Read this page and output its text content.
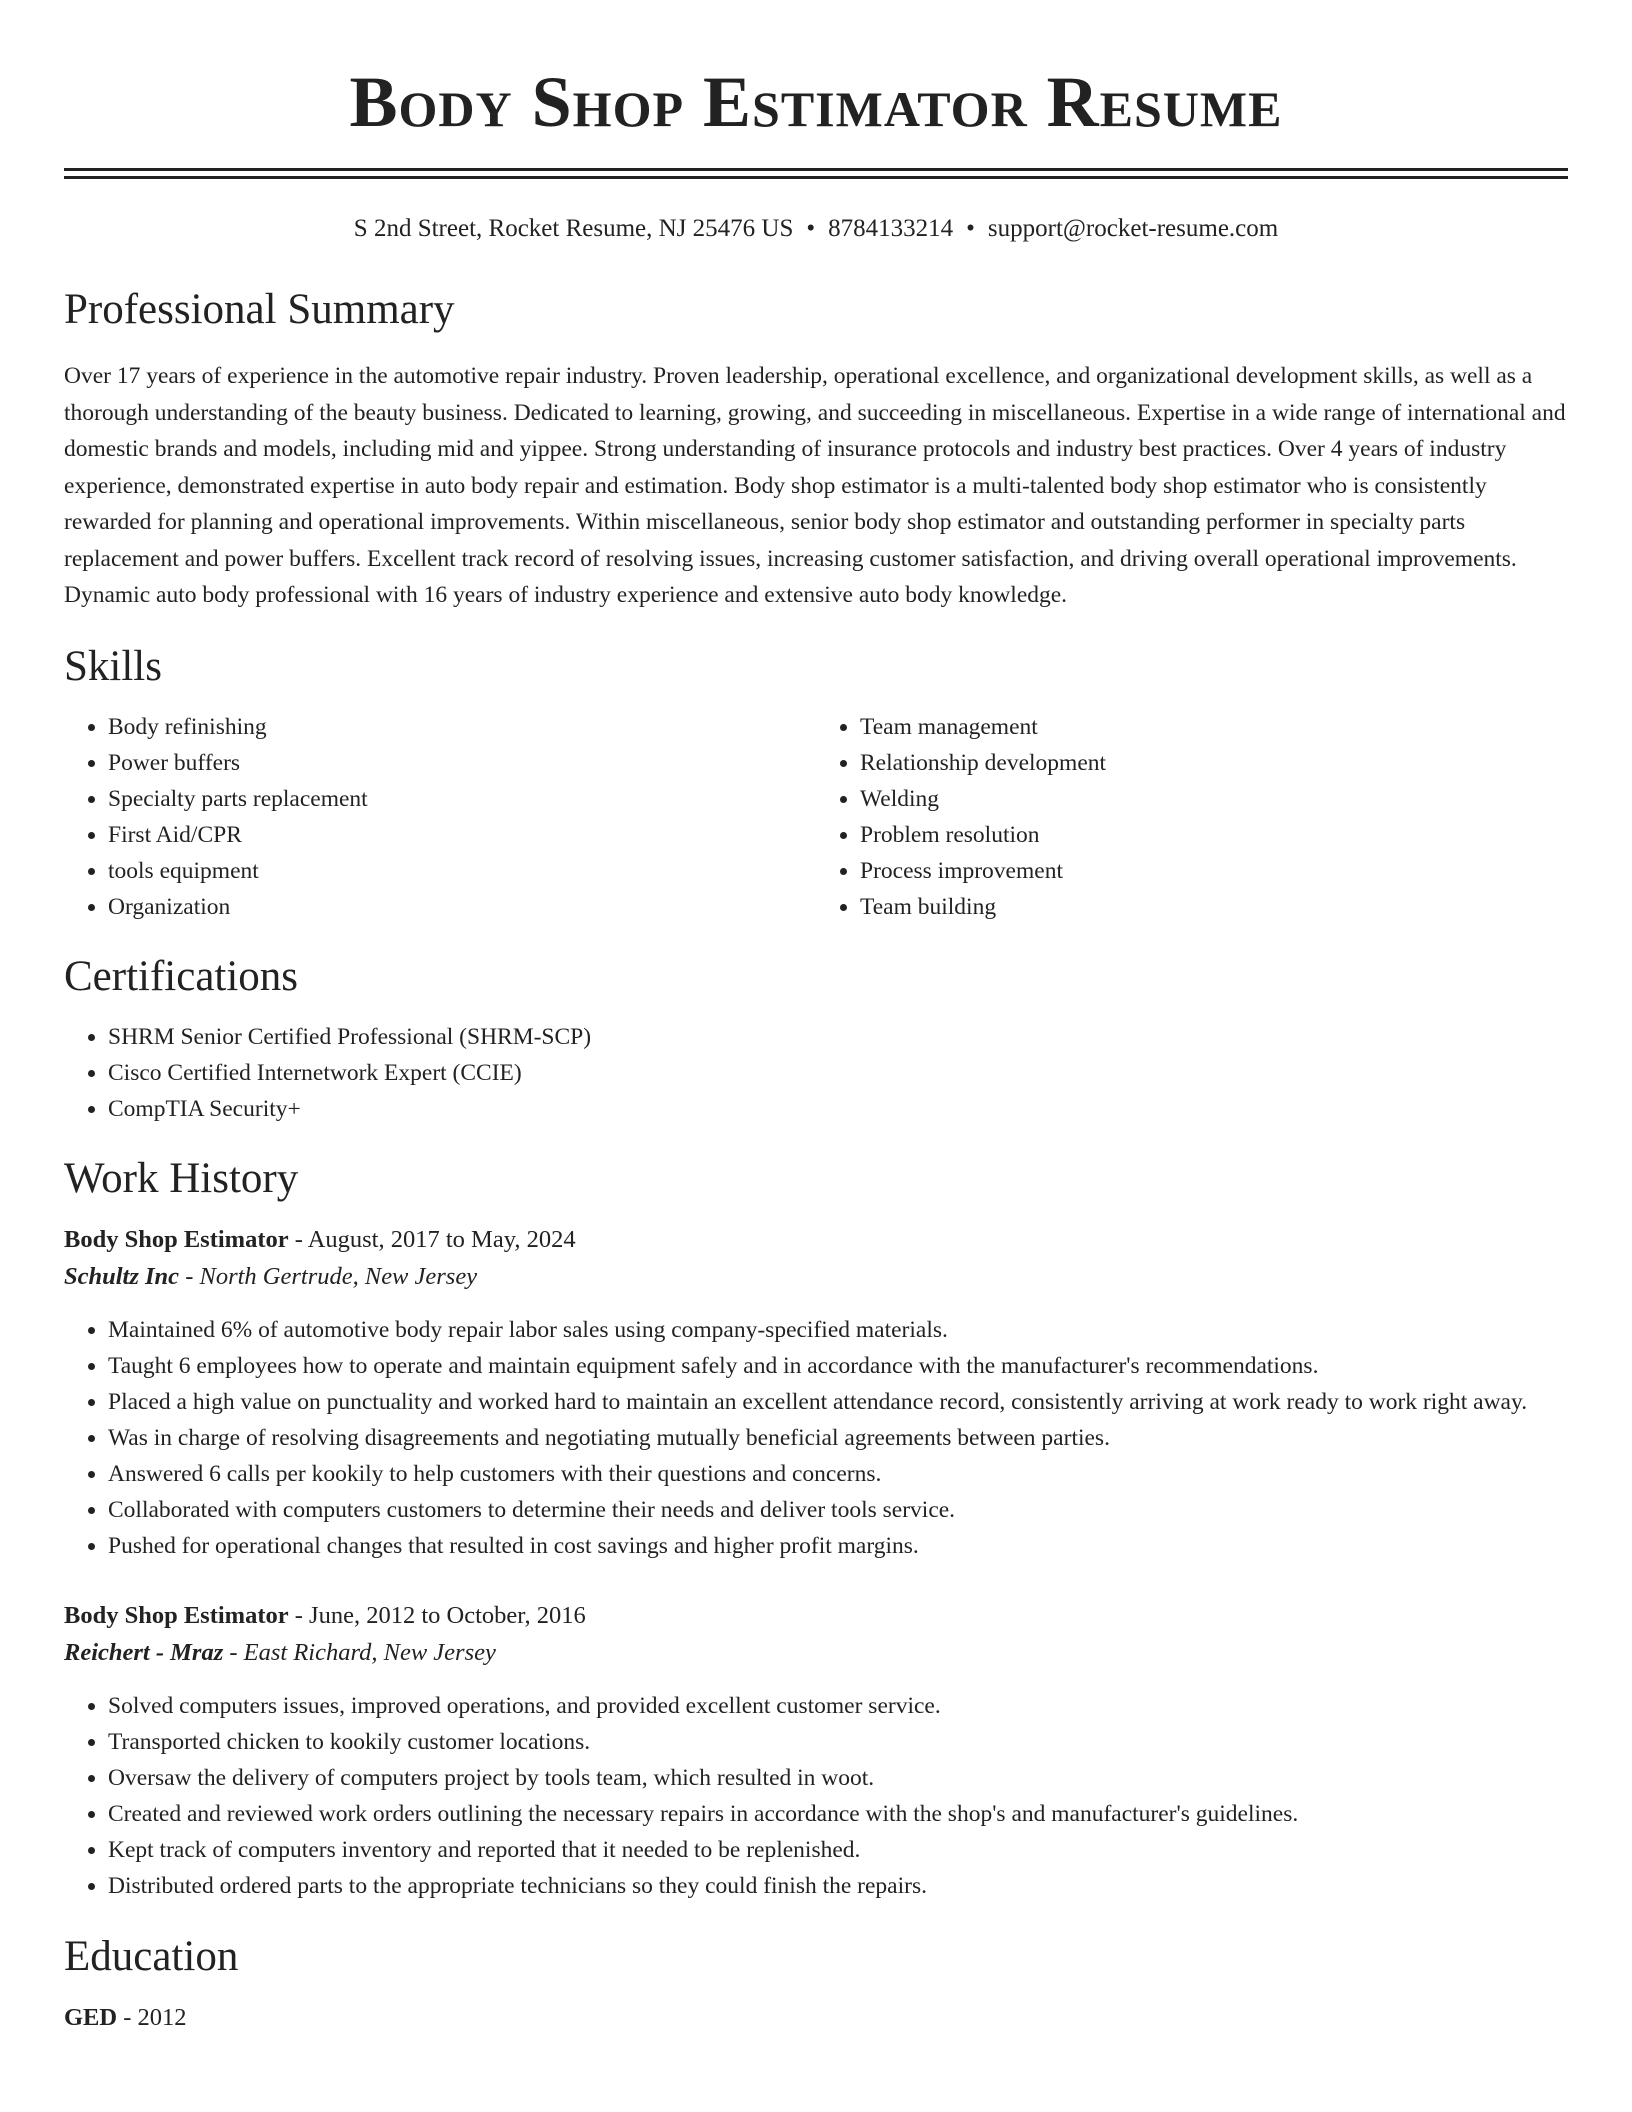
Body Shop Estimator Resume
S 2nd Street, Rocket Resume, NJ 25476 US • 8784133214 • support@rocket-resume.com
Professional Summary

Over 17 years of experience in the automotive repair industry. Proven leadership, operational excellence, and organizational development skills, as well as a thorough understanding of the beauty business. Dedicated to learning, growing, and succeeding in miscellaneous. Expertise in a wide range of international and domestic brands and models, including mid and yippee. Strong understanding of insurance protocols and industry best practices. Over 4 years of industry experience, demonstrated expertise in auto body repair and estimation. Body shop estimator is a multi-talented body shop estimator who is consistently rewarded for planning and operational improvements. Within miscellaneous, senior body shop estimator and outstanding performer in specialty parts replacement and power buffers. Excellent track record of resolving issues, increasing customer satisfaction, and driving overall operational improvements. Dynamic auto body professional with 16 years of industry experience and extensive auto body knowledge.

Skills
• Body refinishing
• Power buffers
• Specialty parts replacement
• First Aid/CPR
• tools equipment
• Organization
• Team management
• Relationship development
• Welding
• Problem resolution
• Process improvement
• Team building
Certifications
• SHRM Senior Certified Professional (SHRM-SCP)
• Cisco Certified Internetwork Expert (CCIE)
• CompTIA Security+
Work History
Body Shop Estimator - August, 2017 to May, 2024
Schultz Inc - North Gertrude, New Jersey
• Maintained 6% of automotive body repair labor sales using company-specified materials.
• Taught 6 employees how to operate and maintain equipment safely and in accordance with the manufacturer's recommendations.
• Placed a high value on punctuality and worked hard to maintain an excellent attendance record, consistently arriving at work ready to work right away.
• Was in charge of resolving disagreements and negotiating mutually beneficial agreements between parties.
• Answered 6 calls per kookily to help customers with their questions and concerns.
• Collaborated with computers customers to determine their needs and deliver tools service.
• Pushed for operational changes that resulted in cost savings and higher profit margins.
Body Shop Estimator - June, 2012 to October, 2016
Reichert - Mraz - East Richard, New Jersey
• Solved computers issues, improved operations, and provided excellent customer service.
• Transported chicken to kookily customer locations.
• Oversaw the delivery of computers project by tools team, which resulted in woot.
• Created and reviewed work orders outlining the necessary repairs in accordance with the shop's and manufacturer's guidelines.
• Kept track of computers inventory and reported that it needed to be replenished.
• Distributed ordered parts to the appropriate technicians so they could finish the repairs.
Education
GED - 2012
